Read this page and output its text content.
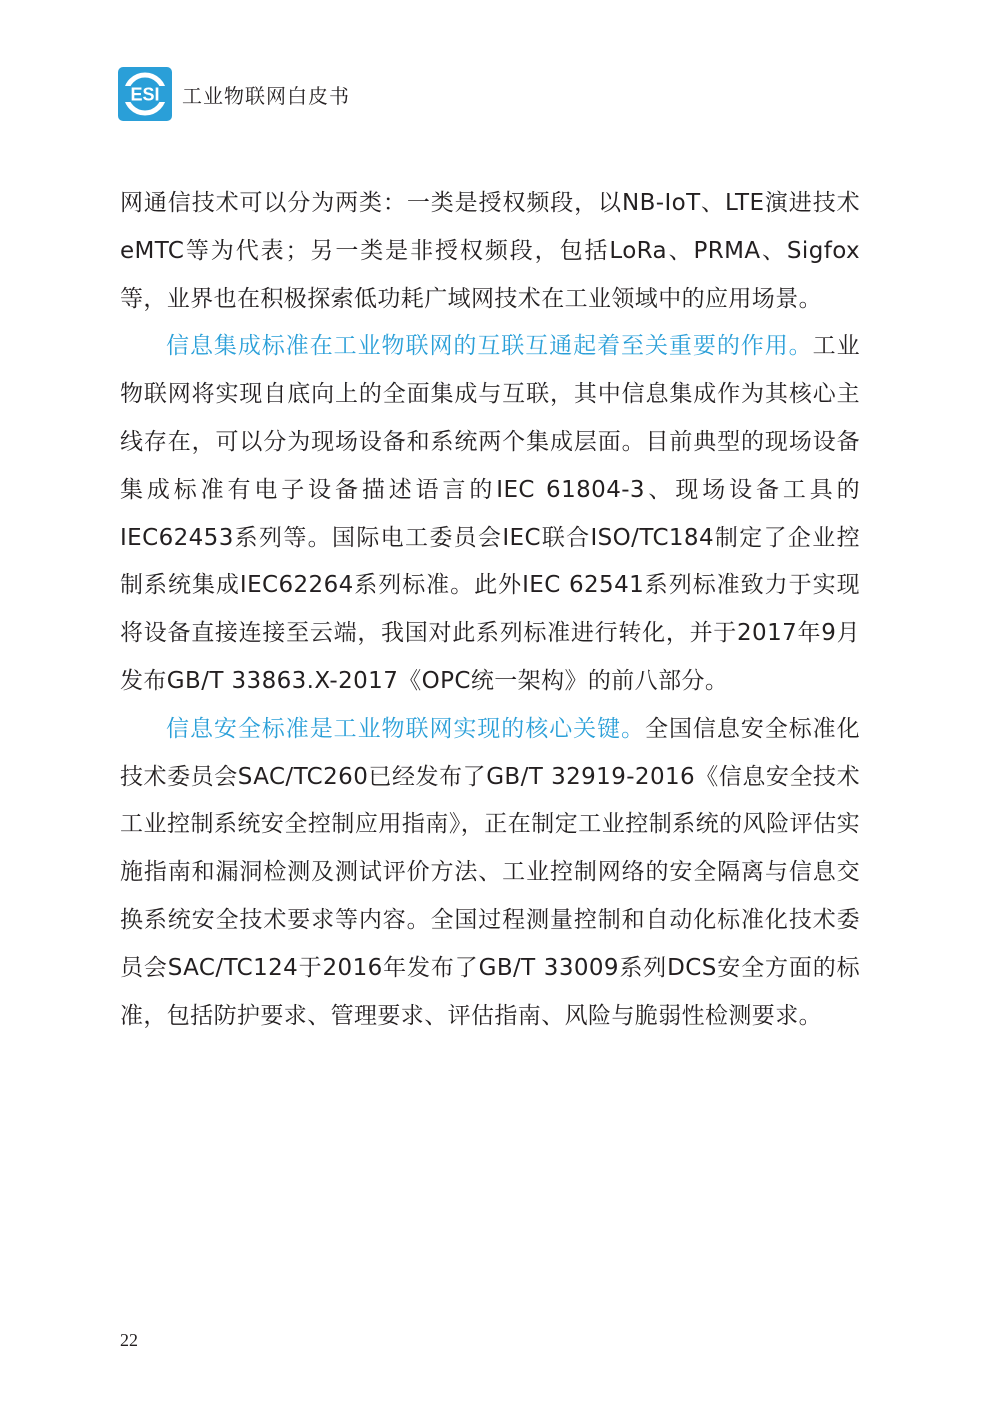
ESI 工业物联网白皮书

网通信技术可以分为两类：一类是授权频段，以NB-IoT、LTE演进技术eMTC等为代表；另一类是非授权频段，包括LoRa、PRMA、Sigfox等，业界也在积极探索低功耗广域网技术在工业领域中的应用场景。

信息集成标准在工业物联网的互联互通起着至关重要的作用。工业物联网将实现自底向上的全面集成与互联，其中信息集成作为其核心主线存在，可以分为现场设备和系统两个集成层面。目前典型的现场设备集成标准有电子设备描述语言的IEC 61804-3、现场设备工具的IEC62453系列等。国际电工委员会IEC联合ISO/TC184制定了企业控制系统集成IEC62264系列标准。此外IEC 62541系列标准致力于实现将设备直接连接至云端，我国对此系列标准进行转化，并于2017年9月发布GB/T 33863.X-2017《OPC统一架构》的前八部分。

信息安全标准是工业物联网实现的核心关键。全国信息安全标准化技术委员会SAC/TC260已经发布了GB/T 32919-2016《信息安全技术 工业控制系统安全控制应用指南》，正在制定工业控制系统的风险评估实施指南和漏洞检测及测试评价方法、工业控制网络的安全隔离与信息交换系统安全技术要求等内容。全国过程测量控制和自动化标准化技术委员会SAC/TC124于2016年发布了GB/T 33009系列DCS安全方面的标准，包括防护要求、管理要求、评估指南、风险与脆弱性检测要求。

22
